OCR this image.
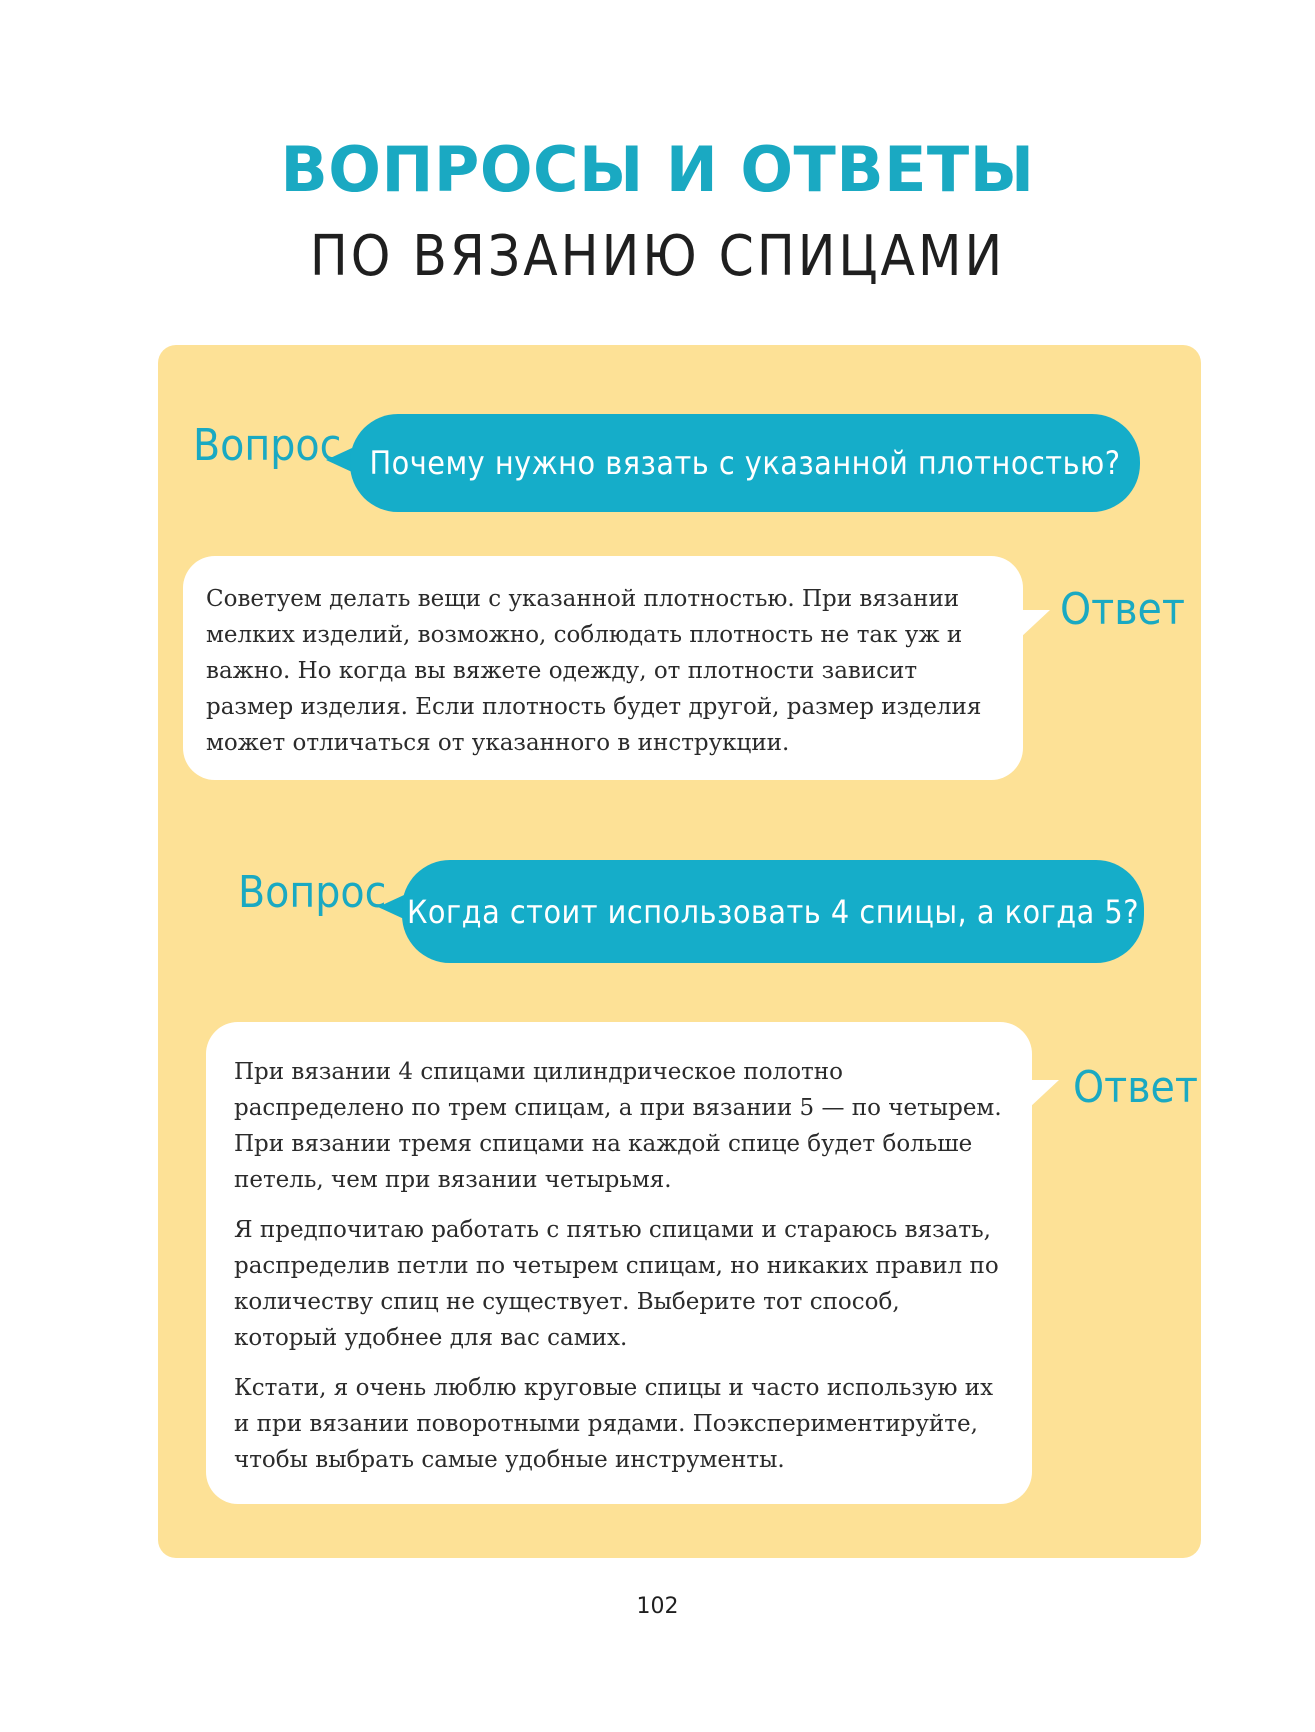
ВОПРОСЫ И ОТВЕТЫ
ПО ВЯЗАНИЮ СПИЦАМИ
Вопрос Почему нужно вязать с указанной плотностью?

Советуем делать вещи с указанной плотностью. При вязании мелких изделий, возможно, соблюдать плотность не так уж и важно. Но когда вы вяжете одежду, от плотности зависит размер изделия. Если плотность будет другой, размер изделия может отличаться от указанного в инструкции.

Ответ
Вопрос Когда стоит использовать 4 спицы, а когда 5?

При вязании 4 спицами цилиндрическое полотно распределено по трем спицам, а при вязании 5 — по четырем. При вязании тремя спицами на каждой спице будет больше петель, чем при вязании четырьмя.

Я предпочитаю работать с пятью спицами и стараюсь вязать, распределив петли по четырем спицам, но никаких правил по количеству спиц не существует. Выберите тот способ, который удобнее для вас самих.

Кстати, я очень люблю круговые спицы и часто использую их и при вязании поворотными рядами. Поэкспериментируйте, чтобы выбрать самые удобные инструменты.

Ответ
102
